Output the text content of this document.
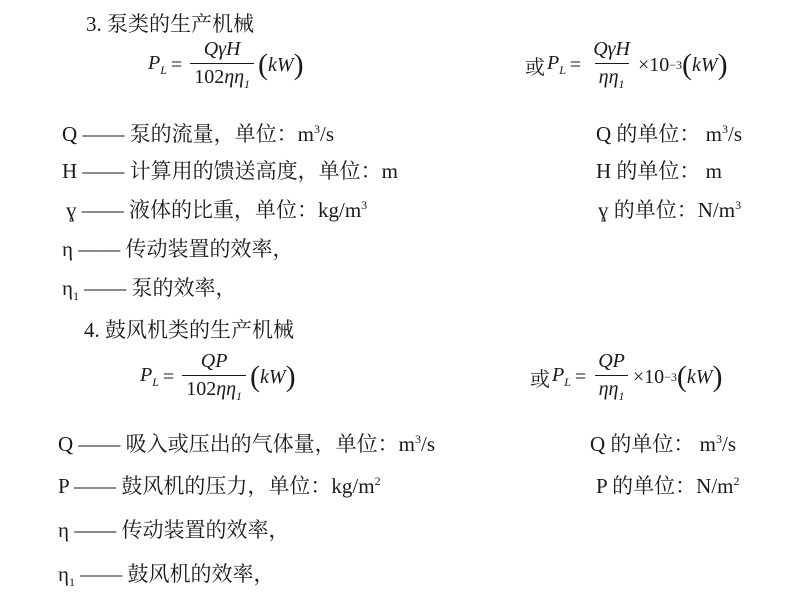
3. 泵类的生产机械
$P_L = \frac{\text{QγH}}{102\eta\eta_1}$ ( kW )	或 $P_L = \frac{\text{QγH}}{\eta\eta_1} \times 10 -3$ ( kW )
Q —— 泵的流量，单位：$m^3/s$	Q 的单位： $m^3/s$
H —— 计算用的馈送高度，单位：m	H 的单位： m
ɣ —— 液体的比重，单位：$kg/m^3$	ɣ 的单位：$N/m^3$
η —— 传动装置的效率，
$\eta_1$ —— 泵的效率，
4. 鼓风机类的生产机械
$P_L = \frac{QP}{102\eta\eta_1}$ ( kW )	或 $P_L = \frac{QP}{\eta\eta_1} \times 10 -3$ ( kW )
Q —— 吸入或压出的气体量，单位：$m^3/s$	Q 的单位： $m^3/s$
P —— 鼓风机的压力，单位：$kg/m^2$	P 的单位：$N/m^2$
η —— 传动装置的效率，
$\eta_1$ —— 鼓风机的效率，
